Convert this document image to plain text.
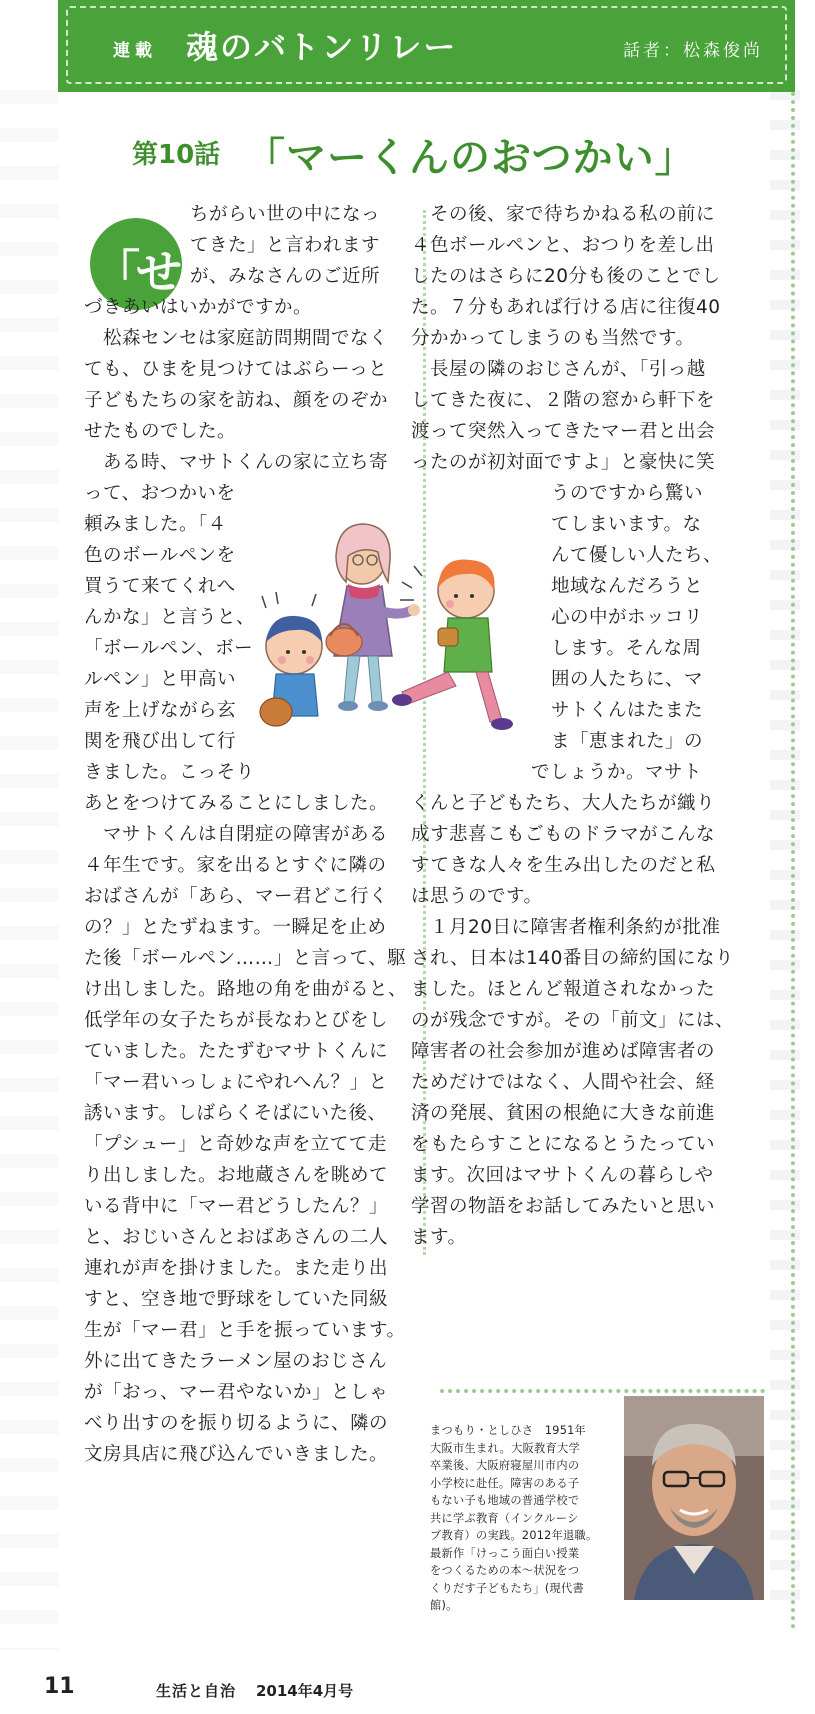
連載 魂のバトンリレー	話者：松森俊尚
第10話 「マーくんのおつかい」
「せ
ちがらい世の中になっ
てきた」と言われます
が、みなさんのご近所
づきあいはいかがですか。
　松森センセは家庭訪問期間でなく
ても、ひまを見つけてはぶらーっと
子どもたちの家を訪ね、顔をのぞか
せたものでした。
　ある時、マサトくんの家に立ち寄
って、おつかいを
頼みました。「４
色のボールペンを
買うて来てくれへ
んかな」と言うと、
「ボールペン、ボー
ルペン」と甲高い
声を上げながら玄
関を飛び出して行
きました。こっそり
あとをつけてみることにしました。
　マサトくんは自閉症の障害がある
４年生です。家を出るとすぐに隣の
おばさんが「あら、マー君どこ行く
の？」とたずねます。一瞬足を止め
た後「ボールペン……」と言って、駆
け出しました。路地の角を曲がると、
低学年の女子たちが長なわとびをし
ていました。たたずむマサトくんに
「マー君いっしょにやれへん？」と
誘います。しばらくそばにいた後、
「プシュー」と奇妙な声を立てて走
り出しました。お地蔵さんを眺めて
いる背中に「マー君どうしたん？」
と、おじいさんとおばあさんの二人
連れが声を掛けました。また走り出
すと、空き地で野球をしていた同級
生が「マー君」と手を振っています。
外に出てきたラーメン屋のおじさん
が「おっ、マー君やないか」としゃ
べり出すのを振り切るように、隣の
文房具店に飛び込んでいきました。
　その後、家で待ちかねる私の前に
４色ボールペンと、おつりを差し出
したのはさらに20分も後のことでし
た。７分もあれば行ける店に往復40
分かかってしまうのも当然です。
　長屋の隣のおじさんが、「引っ越
してきた夜に、２階の窓から軒下を
渡って突然入ってきたマー君と出会
ったのが初対面ですよ」と豪快に笑
うのですから驚い
てしまいます。な
んて優しい人たち、
地域なんだろうと
心の中がホッコリ
します。そんな周
囲の人たちに、マ
サトくんはたまた
ま「恵まれた」の
でしょうか。マサト
くんと子どもたち、大人たちが織り
成す悲喜こもごものドラマがこんな
すてきな人々を生み出したのだと私
は思うのです。
　１月20日に障害者権利条約が批准
され、日本は140番目の締約国になり
ました。ほとんど報道されなかった
のが残念ですが。その「前文」には、
障害者の社会参加が進めば障害者の
ためだけではなく、人間や社会、経
済の発展、貧困の根絶に大きな前進
をもたらすことになるとうたってい
ます。次回はマサトくんの暮らしや
学習の物語をお話してみたいと思い
ます。
まつもり・としひさ　1951年
大阪市生まれ。大阪教育大学
卒業後、大阪府寝屋川市内の
小学校に赴任。障害のある子
もない子も地域の普通学校で
共に学ぶ教育（インクルーシ
ブ教育）の実践。2012年退職。
最新作「けっこう面白い授業
をつくるための本～状況をつ
くりだす子どもたち」(現代書
館)。
11	生活と自治 2014年4月号
